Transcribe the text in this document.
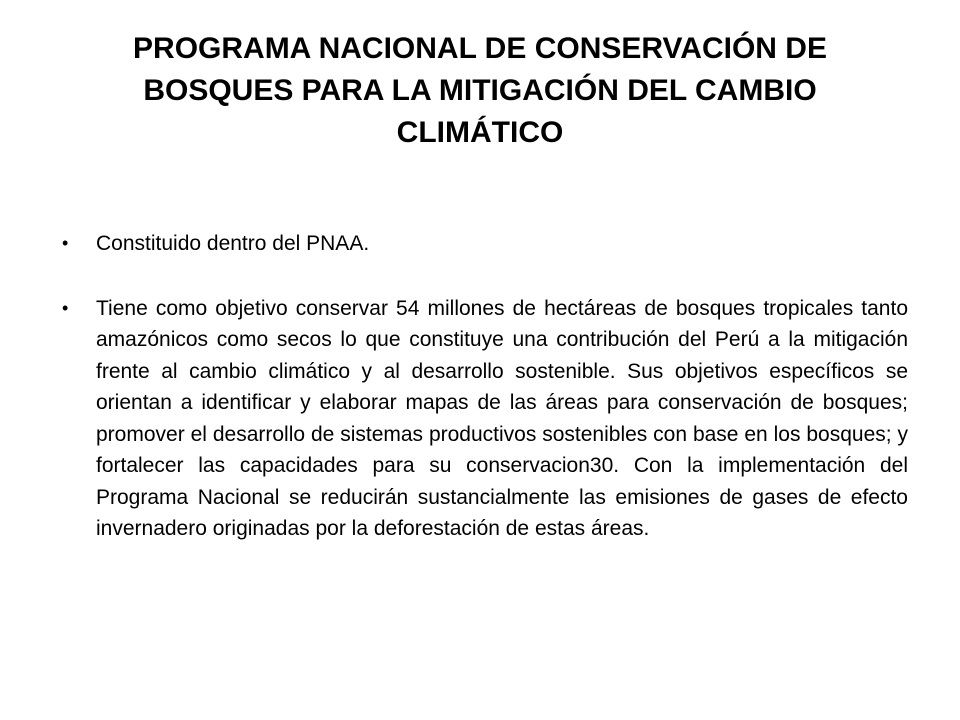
PROGRAMA NACIONAL DE CONSERVACIÓN DE BOSQUES PARA LA MITIGACIÓN DEL CAMBIO CLIMÁTICO
• Constituido dentro del PNAA.
• Tiene como objetivo conservar 54 millones de hectáreas de bosques tropicales tanto amazónicos como secos lo que constituye una contribución del Perú a la mitigación frente al cambio climático y al desarrollo sostenible. Sus objetivos específicos se orientan a identificar y elaborar mapas de las áreas para conservación de bosques; promover el desarrollo de sistemas productivos sostenibles con base en los bosques; y fortalecer las capacidades para su conservacion30. Con la implementación del Programa Nacional se reducirán sustancialmente las emisiones de gases de efecto invernadero originadas por la deforestación de estas áreas.
